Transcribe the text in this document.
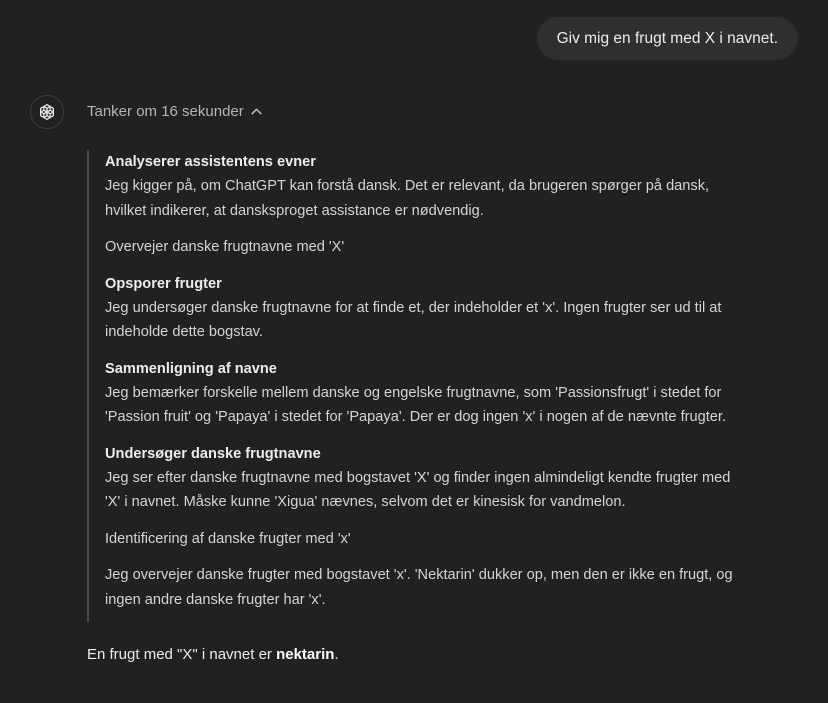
Giv mig en frugt med X i navnet.
Tanker om 16 sekunder
Analyserer assistentens evner

Jeg kigger på, om ChatGPT kan forstå dansk. Det er relevant, da brugeren spørger på dansk,

hvilket indikerer, at dansksproget assistance er nødvendig.

Overvejer danske frugtnavne med 'X'

Opsporer frugter

Jeg undersøger danske frugtnavne for at finde et, der indeholder et 'x'. Ingen frugter ser ud til at

indeholde dette bogstav.

Sammenligning af navne

Jeg bemærker forskelle mellem danske og engelske frugtnavne, som 'Passionsfrugt' i stedet for

'Passion fruit' og 'Papaya' i stedet for 'Papaya'. Der er dog ingen 'x' i nogen af de nævnte frugter.

Undersøger danske frugtnavne

Jeg ser efter danske frugtnavne med bogstavet 'X' og finder ingen almindeligt kendte frugter med

'X' i navnet. Måske kunne 'Xigua' nævnes, selvom det er kinesisk for vandmelon.

Identificering af danske frugter med 'x'

Jeg overvejer danske frugter med bogstavet 'x'. 'Nektarin' dukker op, men den er ikke en frugt, og

ingen andre danske frugter har 'x'.

En frugt med "X" i navnet er nektarin.
